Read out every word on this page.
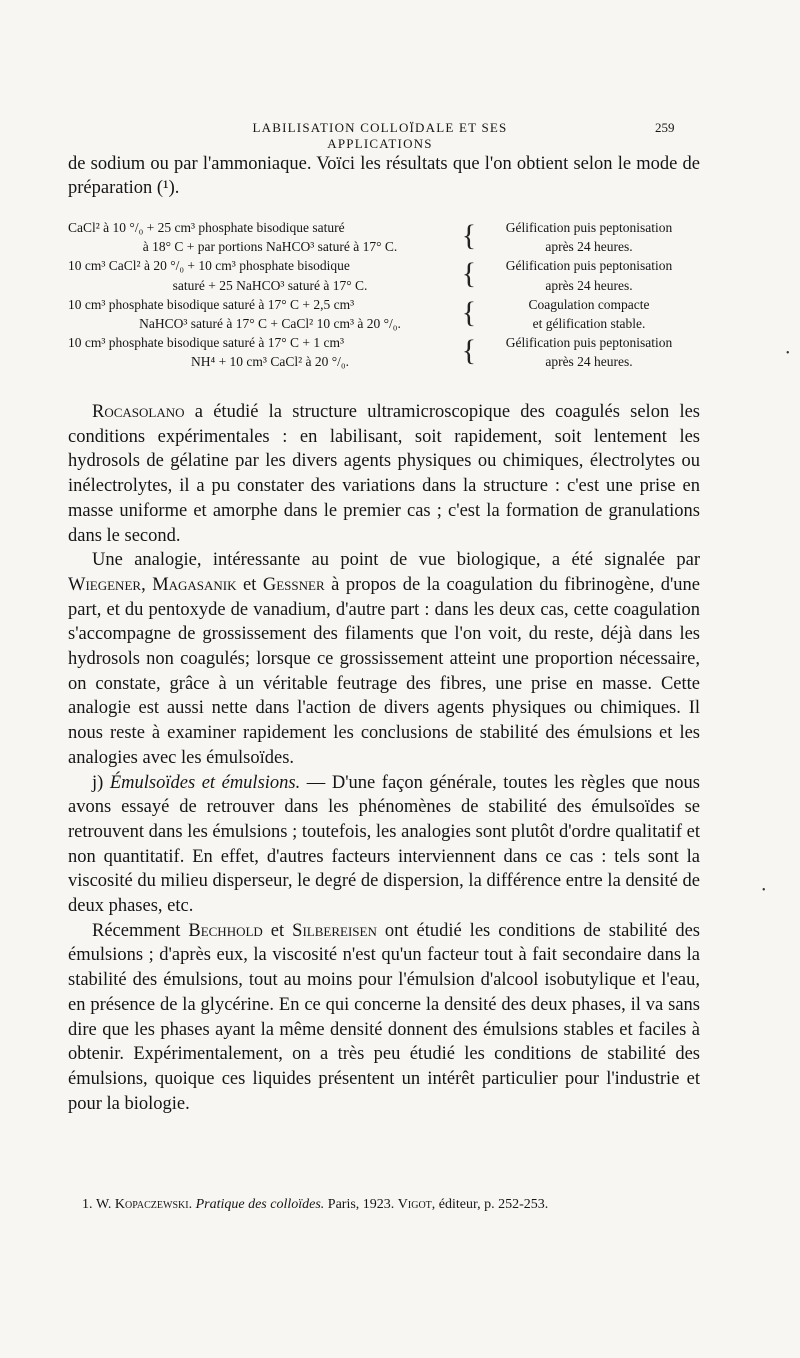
LABILISATION COLLOÏDALE ET SES APPLICATIONS
259

de sodium ou par l'ammoniaque. Voïci les résultats que l'on obtient selon le mode de préparation (¹).

CaCl² à 10 °/₀ + 25 cm³ phosphate bisodique saturé
à 18° C + par portions NaHCO³ saturé à 17° C.	{	Gélification puis peptonisation
après 24 heures.
10 cm³ CaCl² à 20 °/₀ + 10 cm³ phosphate bisodique
saturé + 25 NaHCO³ saturé à 17° C.	{	Gélification puis peptonisation
après 24 heures.
10 cm³ phosphate bisodique saturé à 17° C + 2,5 cm³
NaHCO³ saturé à 17° C + CaCl² 10 cm³ à 20 °/₀.	{	Coagulation compacte
et gélification stable.
10 cm³ phosphate bisodique saturé à 17° C + 1 cm³
NH⁴ + 10 cm³ CaCl² à 20 °/₀.	{	Gélification puis peptonisation
après 24 heures.

Rocasolano a étudié la structure ultramicroscopique des coagulés selon les conditions expérimentales : en labilisant, soit rapidement, soit lentement les hydrosols de gélatine par les divers agents physiques ou chimiques, électrolytes ou inélectrolytes, il a pu constater des variations dans la structure : c'est une prise en masse uniforme et amorphe dans le premier cas ; c'est la formation de granulations dans le second.

Une analogie, intéressante au point de vue biologique, a été signalée par Wiegener, Magasanik et Gessner à propos de la coagulation du fibrinogène, d'une part, et du pentoxyde de vanadium, d'autre part : dans les deux cas, cette coagulation s'accompagne de grossissement des filaments que l'on voit, du reste, déjà dans les hydrosols non coagulés; lorsque ce grossissement atteint une proportion nécessaire, on constate, grâce à un véritable feutrage des fibres, une prise en masse. Cette analogie est aussi nette dans l'action de divers agents physiques ou chimiques. Il nous reste à examiner rapidement les conclusions de stabilité des émulsions et les analogies avec les émulsoïdes.

j) Émulsoïdes et émulsions. — D'une façon générale, toutes les règles que nous avons essayé de retrouver dans les phénomènes de stabilité des émulsoïdes se retrouvent dans les émulsions ; toutefois, les analogies sont plutôt d'ordre qualitatif et non quantitatif. En effet, d'autres facteurs interviennent dans ce cas : tels sont la viscosité du milieu disperseur, le degré de dispersion, la différence entre la densité de deux phases, etc.

Récemment Bechhold et Silbereisen ont étudié les conditions de stabilité des émulsions ; d'après eux, la viscosité n'est qu'un facteur tout à fait secondaire dans la stabilité des émulsions, tout au moins pour l'émulsion d'alcool isobutylique et l'eau, en présence de la glycérine. En ce qui concerne la densité des deux phases, il va sans dire que les phases ayant la même densité donnent des émulsions stables et faciles à obtenir. Expérimentalement, on a très peu étudié les conditions de stabilité des émulsions, quoique ces liquides présentent un intérêt particulier pour l'industrie et pour la biologie.

1. W. Kopaczewski. Pratique des colloïdes. Paris, 1923. Vigot, éditeur, p. 252-253.
•
•
